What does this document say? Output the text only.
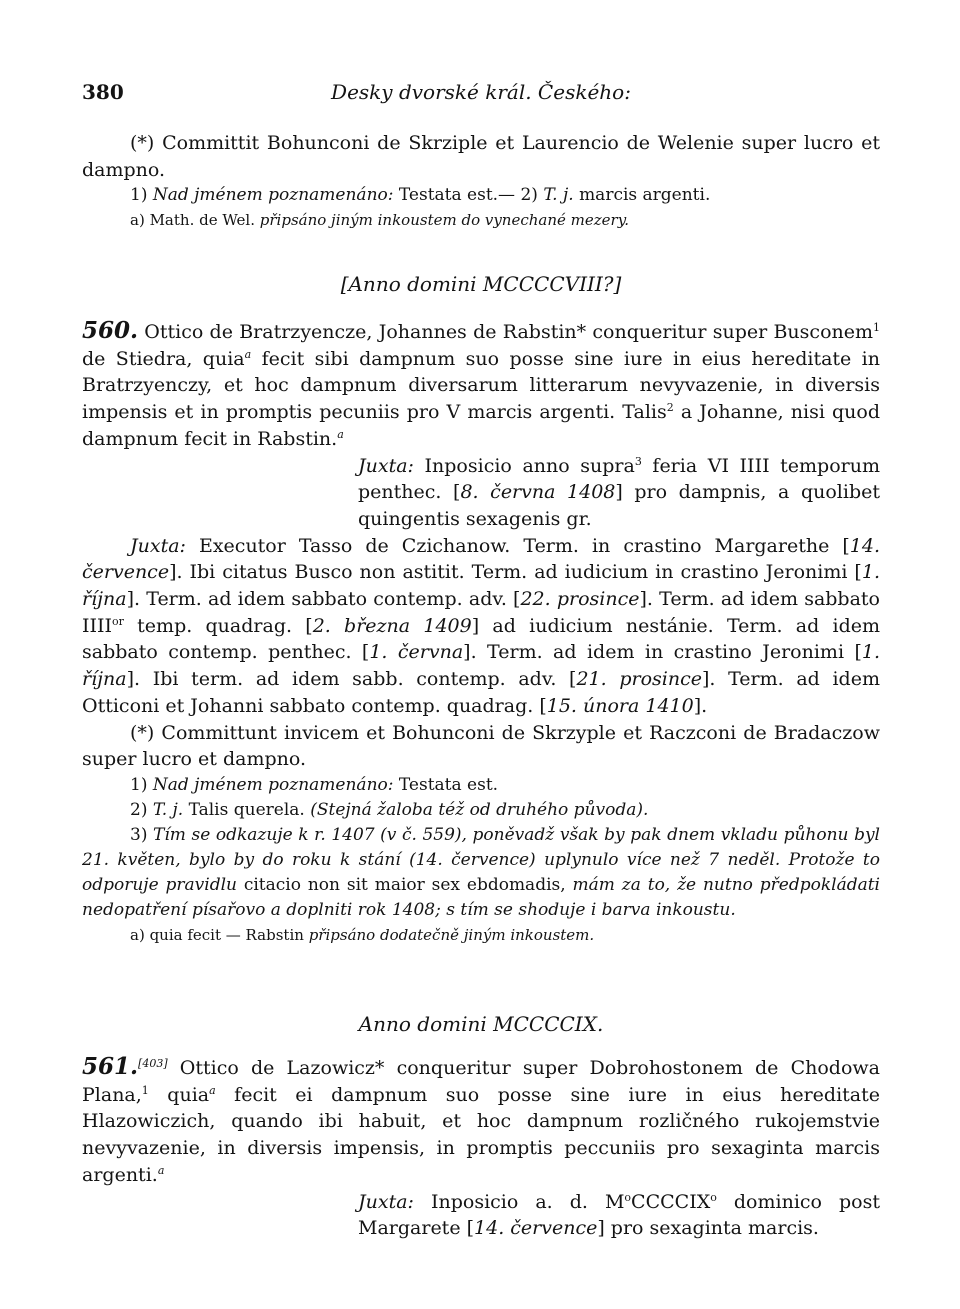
380	Desky dvorské král. Českého:

(*) Committit Bohunconi de Skrziple et Laurencio de Welenie super lucro et dampno.

1) Nad jménem poznamenáno: Testata est.— 2) T. j. marcis argenti.

a) Math. de Wel. připsáno jiným inkoustem do vynechané mezery.

[Anno domini MCCCCVIII?]

560. Ottico de Bratrzyencze, Johannes de Rabstin* conqueritur super Busconem$^1$ de Stiedra, quia$^a$ fecit sibi dampnum suo posse sine iure in eius hereditate in Bratrzyenczy, et hoc dampnum diversarum litterarum nevyvazenie, in diversis impensis et in promptis pecuniis pro V marcis argenti. Talis$^2$ a Johanne, nisi quod dampnum fecit in Rabstin.$^a$

Juxta: Inposicio anno supra$^3$ feria VI IIII temporum penthec. [8. června 1408] pro dampnis, a quolibet quingentis sexagenis gr.

Juxta: Executor Tasso de Czichanow. Term. in crastino Margarethe [14. července]. Ibi citatus Busco non astitit. Term. ad iudicium in crastino Jeronimi [1. října]. Term. ad idem sabbato contemp. adv. [22. prosince]. Term. ad idem sabbato $IIII^{or}$ temp. quadrag. [2. března 1409] ad iudicium nestánie. Term. ad idem sabbato contemp. penthec. [1. června]. Term. ad idem in crastino Jeronimi [1. října]. Ibi term. ad idem sabb. contemp. adv. [21. prosince]. Term. ad idem Otticoni et Johanni sabbato contemp. quadrag. [15. února 1410].

(*) Committunt invicem et Bohunconi de Skrzyple et Raczconi de Bradaczow super lucro et dampno.

1) Nad jménem poznamenáno: Testata est.

2) T. j. Talis querela. (Stejná žaloba též od druhého původa).

3) Tím se odkazuje k r. 1407 (v č. 559), poněvadž však by pak dnem vkladu půhonu byl 21. květen, bylo by do roku k stání (14. července) uplynulo více než 7 neděl. Protože to odporuje pravidlu citacio non sit maior sex ebdomadis, mám za to, že nutno předpokládati nedopatření písařovo a doplniti rok 1408; s tím se shoduje i barva inkoustu.

a) quia fecit — Rabstin připsáno dodatečně jiným inkoustem.

Anno domini MCCCCIX.

561.[403] Ottico de Lazowicz* conqueritur super Dobrohostonem de Chodowa Plana,$^1$ quia$^a$ fecit ei dampnum suo posse sine iure in eius hereditate Hlazowiczich, quando ibi habuit, et hoc dampnum rozličného rukojemstvie nevyvazenie, in diversis impensis, in promptis peccuniis pro sexaginta marcis argenti.$^a$

Juxta: Inposicio a. d. $M^oCCCCIX^o$ dominico post Margarete [14. července] pro sexaginta marcis.
